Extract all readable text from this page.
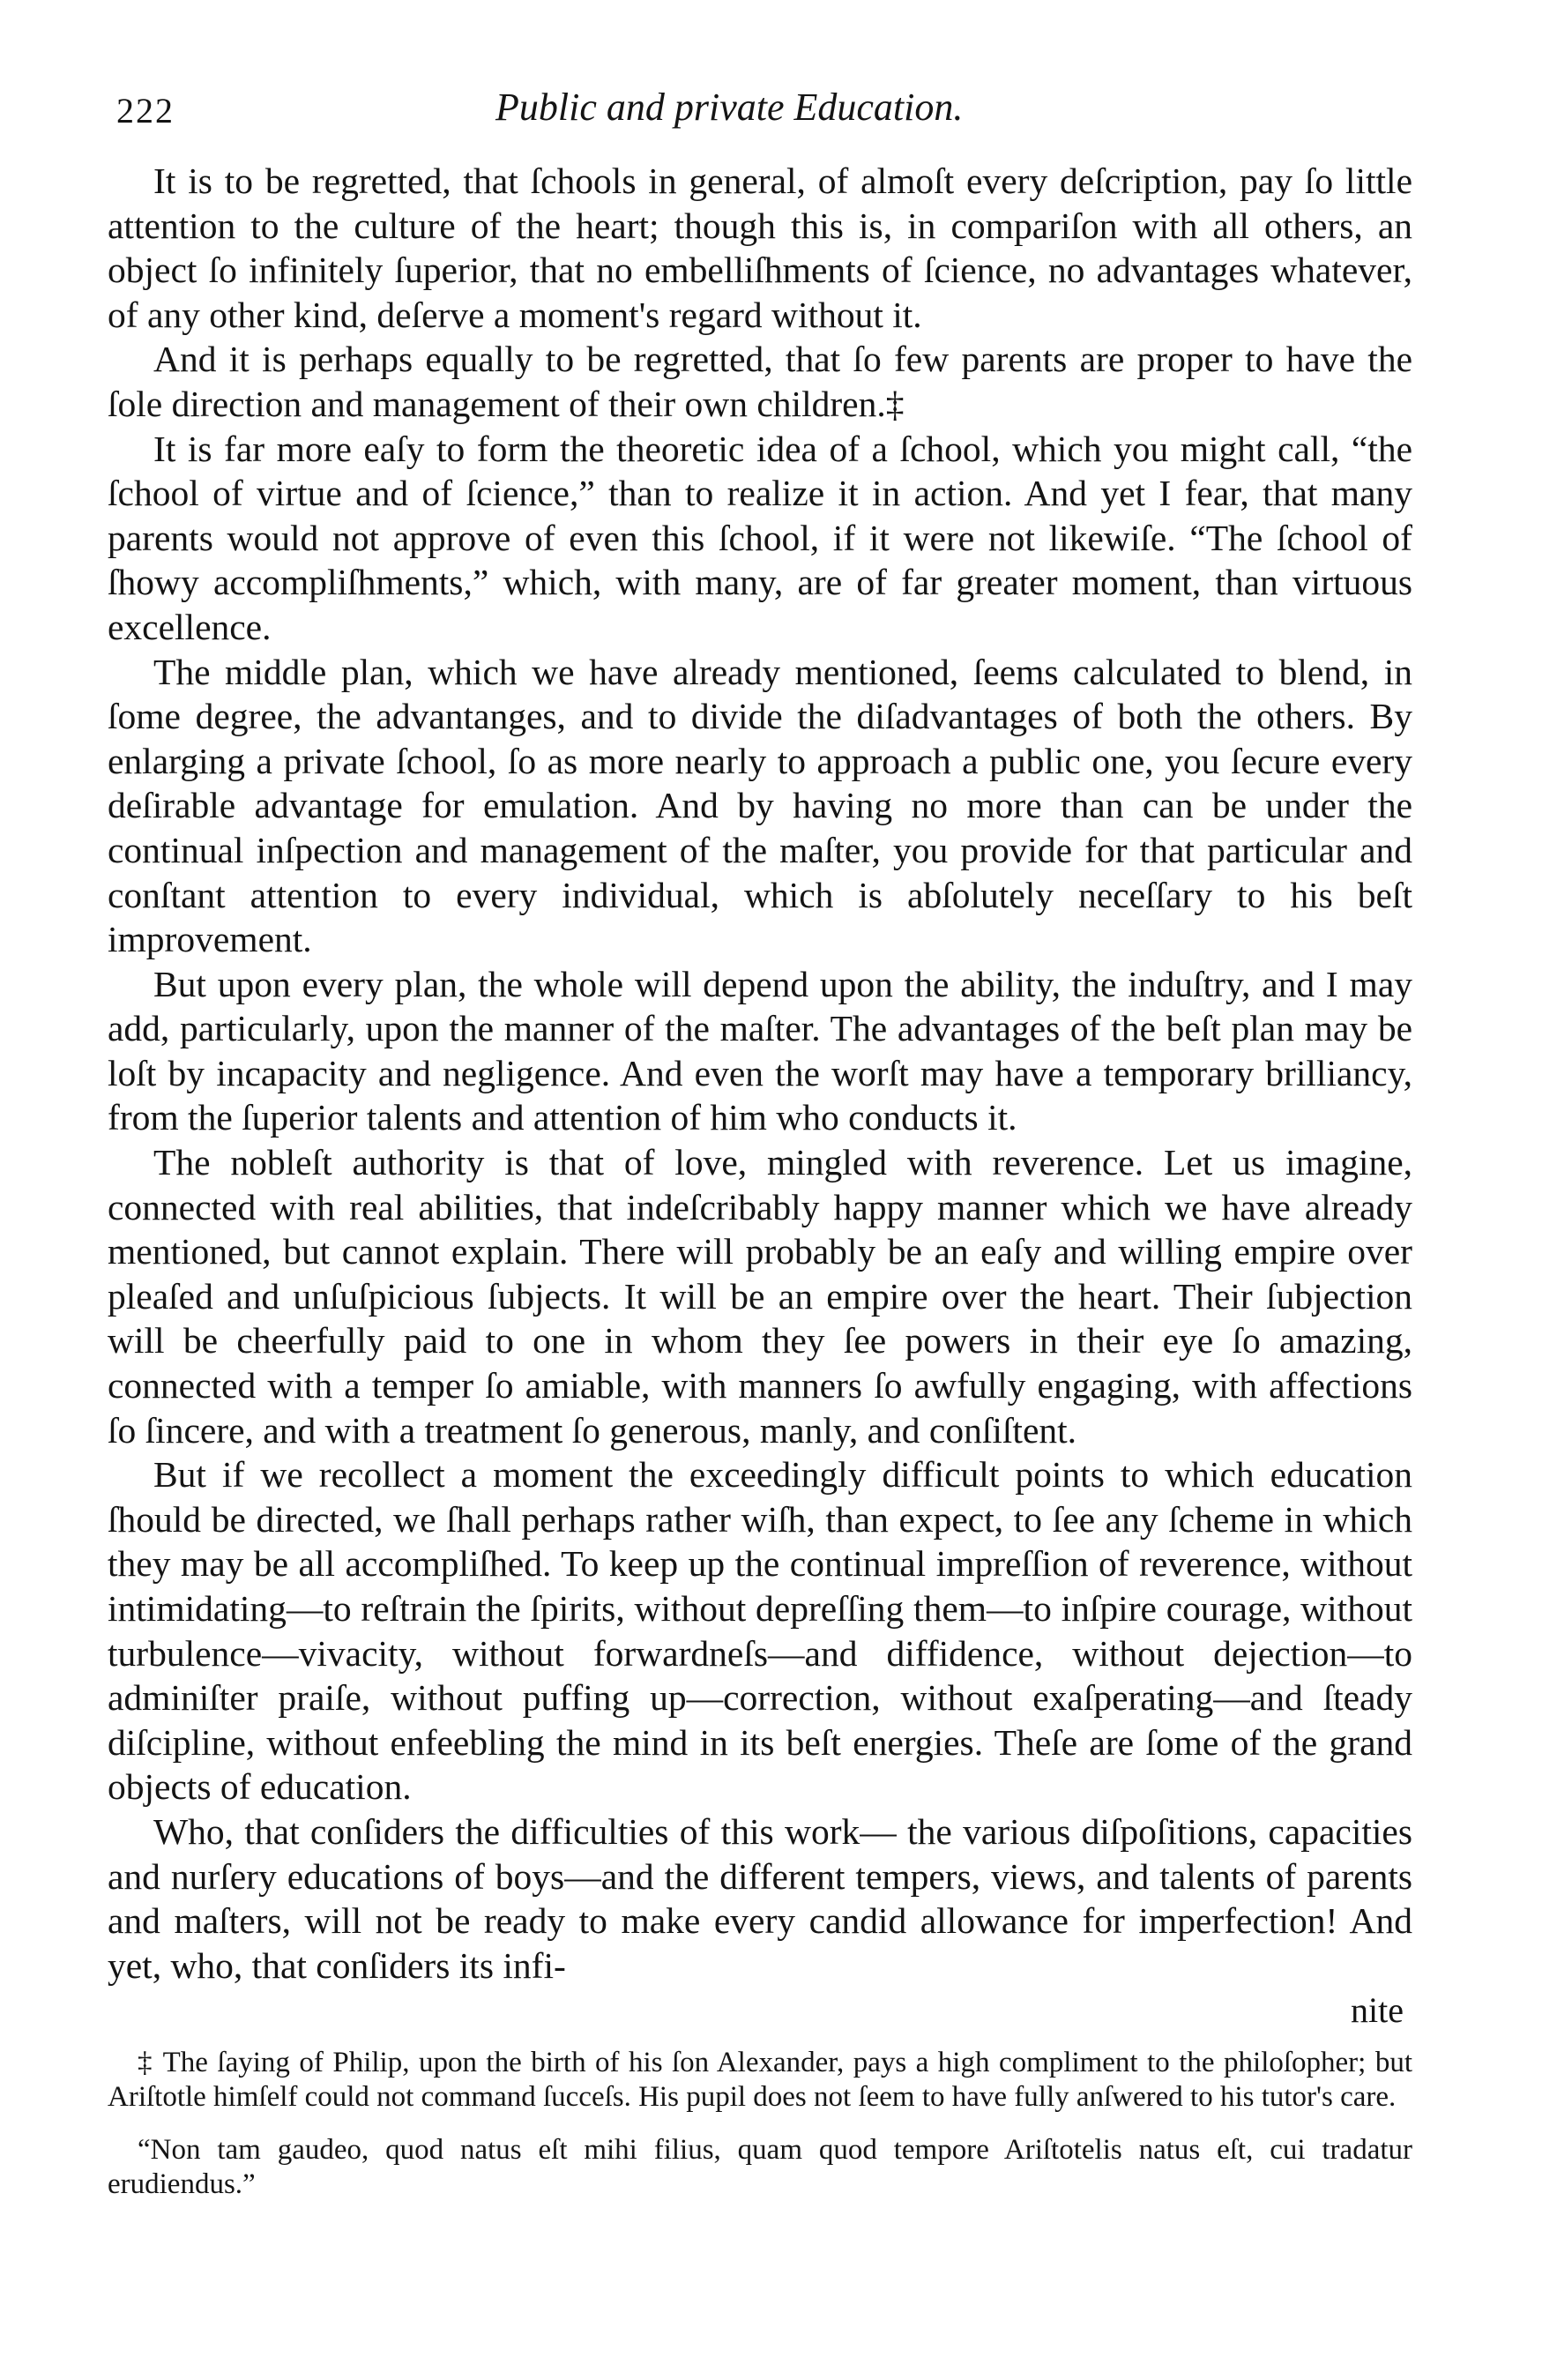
222	Public and private Education.

It is to be regretted, that ſchools in general, of almoſt every deſcription, pay ſo little attention to the culture of the heart; though this is, in compariſon with all others, an object ſo infinitely ſuperior, that no embelliſhments of ſcience, no advantages whatever, of any other kind, deſerve a moment's regard without it.

And it is perhaps equally to be regretted, that ſo few parents are proper to have the ſole direction and management of their own children.‡

It is far more eaſy to form the theoretic idea of a ſchool, which you might call, “the ſchool of virtue and of ſcience,” than to realize it in action. And yet I fear, that many parents would not approve of even this ſchool, if it were not likewiſe. “The ſchool of ſhowy accompliſhments,” which, with many, are of far greater moment, than virtuous excellence.

The middle plan, which we have already mentioned, ſeems calculated to blend, in ſome degree, the advantanges, and to divide the diſadvantages of both the others. By enlarging a private ſchool, ſo as more nearly to approach a public one, you ſecure every deſirable advantage for emulation. And by having no more than can be under the continual inſpection and management of the maſter, you provide for that particular and conſtant attention to every individual, which is abſolutely neceſſary to his beſt improvement.

But upon every plan, the whole will depend upon the ability, the induſtry, and I may add, particularly, upon the manner of the maſter. The advantages of the beſt plan may be loſt by incapacity and negligence. And even the worſt may have a temporary brilliancy, from the ſuperior talents and attention of him who conducts it.

The nobleſt authority is that of love, mingled with reverence. Let us imagine, connected with real abilities, that indeſcribably happy manner which we have already mentioned, but cannot explain. There will probably be an eaſy and willing empire over pleaſed and unſuſpicious ſubjects. It will be an empire over the heart. Their ſubjection will be cheerfully paid to one in whom they ſee powers in their eye ſo amazing, connected with a temper ſo amiable, with manners ſo awfully engaging, with affections ſo ſincere, and with a treatment ſo generous, manly, and conſiſtent.

But if we recollect a moment the exceedingly difficult points to which education ſhould be directed, we ſhall perhaps rather wiſh, than expect, to ſee any ſcheme in which they may be all accompliſhed. To keep up the continual impreſſion of reverence, without intimidating—to reſtrain the ſpirits, without depreſſing them—to inſpire courage, without turbulence—vivacity, without forwardneſs—and diffidence, without dejection—to adminiſter praiſe, without puffing up—correction, without exaſperating—and ſteady diſcipline, without enfeebling the mind in its beſt energies. Theſe are ſome of the grand objects of education.

Who, that conſiders the difficulties of this work— the various diſpoſitions, capacities and nurſery educations of boys—and the different tempers, views, and talents of parents and maſters, will not be ready to make every candid allowance for imperfection! And yet, who, that conſiders its infi-

nite

‡ The ſaying of Philip, upon the birth of his ſon Alexander, pays a high compliment to the philoſopher; but Ariſtotle himſelf could not command ſucceſs. His pupil does not ſeem to have fully anſwered to his tutor's care.

“Non tam gaudeo, quod natus eſt mihi filius, quam quod tempore Ariſtotelis natus eſt, cui tradatur erudiendus.”
